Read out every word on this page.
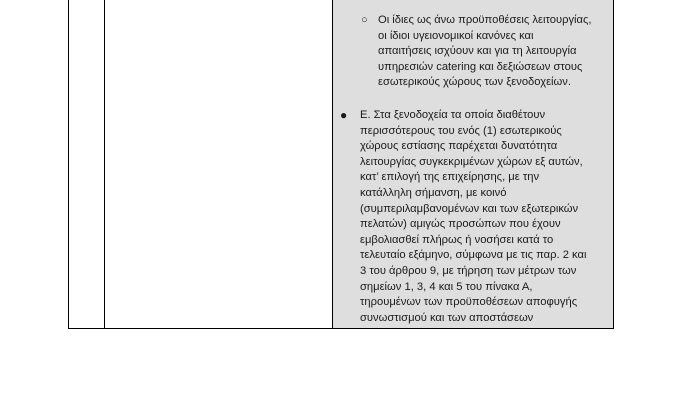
○ Οι ίδιες ως άνω προϋποθέσεις λειτουργίας,
οι ίδιοι υγειονομικοί κανόνες και
απαιτήσεις ισχύουν και για τη λειτουργία
υπηρεσιών catering και δεξιώσεων στους
εσωτερικούς χώρους των ξενοδοχείων.
● Ε. Στα ξενοδοχεία τα οποία διαθέτουν
περισσότερους του ενός (1) εσωτερικούς
χώρους εστίασης παρέχεται δυνατότητα
λειτουργίας συγκεκριμένων χώρων εξ αυτών,
κατ’ επιλογή της επιχείρησης, με την
κατάλληλη σήμανση, με κοινό
(συμπεριλαμβανομένων και των εξωτερικών
πελατών) αμιγώς προσώπων που έχουν
εμβολιασθεί πλήρως ή νοσήσει κατά το
τελευταίο εξάμηνο, σύμφωνα με τις παρ. 2 και
3 του άρθρου 9, με τήρηση των μέτρων των
σημείων 1, 3, 4 και 5 του πίνακα Α,
τηρουμένων των προϋποθέσεων αποφυγής
συνωστισμού και των αποστάσεων
